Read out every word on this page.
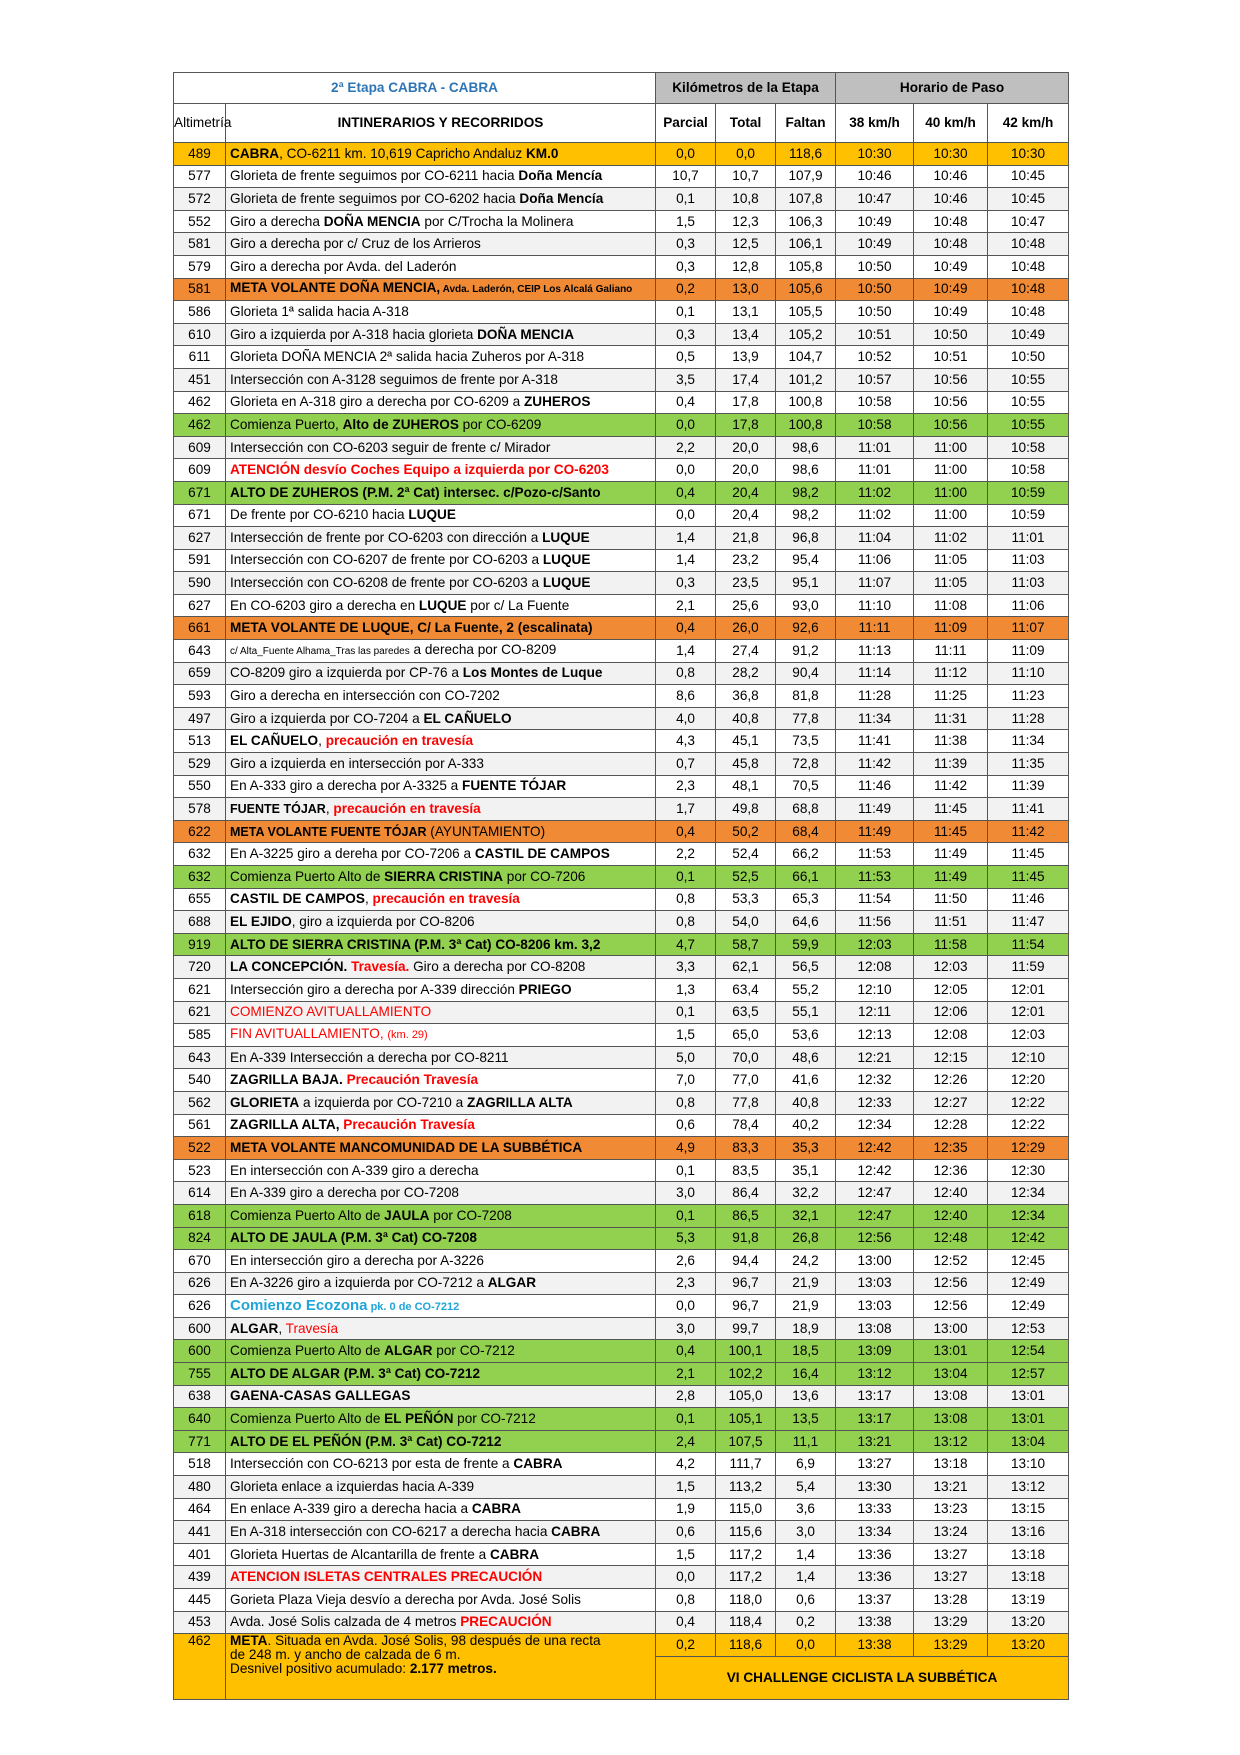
2ª Etapa CABRA - CABRA		Kilómetros de la Etapa			Horario de Paso		
Altimetría	INTINERARIOS Y RECORRIDOS	Parcial	Total	Faltan	38 km/h	40 km/h	42 km/h
489	CABRA, CO-6211 km. 10,619 Capricho Andaluz KM.0	0,0	0,0	118,6	10:30	10:30	10:30
577	Glorieta de frente seguimos por CO-6211 hacia Doña Mencía	10,7	10,7	107,9	10:46	10:46	10:45
572	Glorieta de frente seguimos por CO-6202 hacia Doña Mencía	0,1	10,8	107,8	10:47	10:46	10:45
552	Giro a derecha DOÑA MENCIA por C/Trocha la Molinera	1,5	12,3	106,3	10:49	10:48	10:47
581	Giro a derecha por c/ Cruz de los Arrieros	0,3	12,5	106,1	10:49	10:48	10:48
579	Giro a derecha por Avda. del Laderón	0,3	12,8	105,8	10:50	10:49	10:48
581	META VOLANTE DOÑA MENCIA, Avda. Laderón, CEIP Los Alcalá Galiano	0,2	13,0	105,6	10:50	10:49	10:48
586	Glorieta 1ª salida hacia A-318	0,1	13,1	105,5	10:50	10:49	10:48
610	Giro a izquierda por A-318 hacia glorieta DOÑA MENCIA	0,3	13,4	105,2	10:51	10:50	10:49
611	Glorieta DOÑA MENCIA 2ª salida hacia Zuheros por A-318	0,5	13,9	104,7	10:52	10:51	10:50
451	Intersección con A-3128 seguimos de frente por A-318	3,5	17,4	101,2	10:57	10:56	10:55
462	Glorieta en A-318 giro a derecha por CO-6209 a ZUHEROS	0,4	17,8	100,8	10:58	10:56	10:55
462	Comienza Puerto, Alto de ZUHEROS por CO-6209	0,0	17,8	100,8	10:58	10:56	10:55
609	Intersección con CO-6203 seguir de frente c/ Mirador	2,2	20,0	98,6	11:01	11:00	10:58
609	ATENCIÓN desvío Coches Equipo a izquierda por CO-6203	0,0	20,0	98,6	11:01	11:00	10:58
671	ALTO DE ZUHEROS (P.M. 2ª Cat) intersec. c/Pozo-c/Santo	0,4	20,4	98,2	11:02	11:00	10:59
671	De frente por CO-6210 hacia LUQUE	0,0	20,4	98,2	11:02	11:00	10:59
627	Intersección de frente por CO-6203 con dirección a LUQUE	1,4	21,8	96,8	11:04	11:02	11:01
591	Intersección con CO-6207 de frente por CO-6203 a LUQUE	1,4	23,2	95,4	11:06	11:05	11:03
590	Intersección con CO-6208 de frente por CO-6203 a LUQUE	0,3	23,5	95,1	11:07	11:05	11:03
627	En CO-6203 giro a derecha en LUQUE por c/ La Fuente	2,1	25,6	93,0	11:10	11:08	11:06
661	META VOLANTE DE LUQUE, C/ La Fuente, 2 (escalinata)	0,4	26,0	92,6	11:11	11:09	11:07
643	c/ Alta_Fuente Alhama_Tras las paredes a derecha por CO-8209	1,4	27,4	91,2	11:13	11:11	11:09
659	CO-8209 giro a izquierda por CP-76 a Los Montes de Luque	0,8	28,2	90,4	11:14	11:12	11:10
593	Giro a derecha en intersección con CO-7202	8,6	36,8	81,8	11:28	11:25	11:23
497	Giro a izquierda por CO-7204 a EL CAÑUELO	4,0	40,8	77,8	11:34	11:31	11:28
513	EL CAÑUELO, precaución en travesía	4,3	45,1	73,5	11:41	11:38	11:34
529	Giro a izquierda en intersección por A-333	0,7	45,8	72,8	11:42	11:39	11:35
550	En A-333 giro a derecha por A-3325 a FUENTE TÓJAR	2,3	48,1	70,5	11:46	11:42	11:39
578	FUENTE TÓJAR, precaución en travesía	1,7	49,8	68,8	11:49	11:45	11:41
622	META VOLANTE FUENTE TÓJAR (AYUNTAMIENTO)	0,4	50,2	68,4	11:49	11:45	11:42
632	En A-3225 giro a dereha por CO-7206 a CASTIL DE CAMPOS	2,2	52,4	66,2	11:53	11:49	11:45
632	Comienza Puerto Alto de SIERRA CRISTINA por CO-7206	0,1	52,5	66,1	11:53	11:49	11:45
655	CASTIL DE CAMPOS, precaución en travesía	0,8	53,3	65,3	11:54	11:50	11:46
688	EL EJIDO, giro a izquierda por CO-8206	0,8	54,0	64,6	11:56	11:51	11:47
919	ALTO DE SIERRA CRISTINA (P.M. 3ª Cat) CO-8206 km. 3,2	4,7	58,7	59,9	12:03	11:58	11:54
720	LA CONCEPCIÓN. Travesía. Giro a derecha por CO-8208	3,3	62,1	56,5	12:08	12:03	11:59
621	Intersección giro a derecha por A-339 dirección PRIEGO	1,3	63,4	55,2	12:10	12:05	12:01
621	COMIENZO AVITUALLAMIENTO	0,1	63,5	55,1	12:11	12:06	12:01
585	FIN AVITUALLAMIENTO, (km. 29)	1,5	65,0	53,6	12:13	12:08	12:03
643	En A-339 Intersección a derecha por CO-8211	5,0	70,0	48,6	12:21	12:15	12:10
540	ZAGRILLA BAJA. Precaución Travesía	7,0	77,0	41,6	12:32	12:26	12:20
562	GLORIETA a izquierda por CO-7210 a ZAGRILLA ALTA	0,8	77,8	40,8	12:33	12:27	12:22
561	ZAGRILLA ALTA, Precaución Travesía	0,6	78,4	40,2	12:34	12:28	12:22
522	META VOLANTE MANCOMUNIDAD DE LA SUBBÉTICA	4,9	83,3	35,3	12:42	12:35	12:29
523	En intersección con A-339 giro a derecha	0,1	83,5	35,1	12:42	12:36	12:30
614	En A-339 giro a derecha por CO-7208	3,0	86,4	32,2	12:47	12:40	12:34
618	Comienza Puerto Alto de JAULA por CO-7208	0,1	86,5	32,1	12:47	12:40	12:34
824	ALTO DE JAULA (P.M. 3ª Cat) CO-7208	5,3	91,8	26,8	12:56	12:48	12:42
670	En intersección giro a derecha por A-3226	2,6	94,4	24,2	13:00	12:52	12:45
626	En A-3226 giro a izquierda por CO-7212 a ALGAR	2,3	96,7	21,9	13:03	12:56	12:49
626	Comienzo Ecozona pk. 0 de CO-7212	0,0	96,7	21,9	13:03	12:56	12:49
600	ALGAR, Travesía	3,0	99,7	18,9	13:08	13:00	12:53
600	Comienza Puerto Alto de ALGAR por CO-7212	0,4	100,1	18,5	13:09	13:01	12:54
755	ALTO DE ALGAR (P.M. 3ª Cat) CO-7212	2,1	102,2	16,4	13:12	13:04	12:57
638	GAENA-CASAS GALLEGAS	2,8	105,0	13,6	13:17	13:08	13:01
640	Comienza Puerto Alto de EL PEÑÓN por CO-7212	0,1	105,1	13,5	13:17	13:08	13:01
771	ALTO DE EL PEÑÓN (P.M. 3ª Cat) CO-7212	2,4	107,5	11,1	13:21	13:12	13:04
518	Intersección con CO-6213 por esta de frente a CABRA	4,2	111,7	6,9	13:27	13:18	13:10
480	Glorieta enlace a izquierdas hacia A-339	1,5	113,2	5,4	13:30	13:21	13:12
464	En enlace A-339 giro a derecha hacia a CABRA	1,9	115,0	3,6	13:33	13:23	13:15
441	En A-318 intersección con CO-6217 a derecha hacia CABRA	0,6	115,6	3,0	13:34	13:24	13:16
401	Glorieta Huertas de Alcantarilla de frente a CABRA	1,5	117,2	1,4	13:36	13:27	13:18
439	ATENCION ISLETAS CENTRALES PRECAUCIÓN	0,0	117,2	1,4	13:36	13:27	13:18
445	Gorieta Plaza Vieja desvío a derecha por Avda. José Solis	0,8	118,0	0,6	13:37	13:28	13:19
453	Avda. José Solis calzada de 4 metros PRECAUCIÓN	0,4	118,4	0,2	13:38	13:29	13:20
462	META. Situada en Avda. José Solis, 98 después de una recta
de 248 m. y ancho de calzada de 6 m.
Desnivel positivo acumulado: 2.177 metros.	0,2	118,6	0,0	13:38	13:29	13:20
		VI CHALLENGE CICLISTA LA SUBBÉTICA					
